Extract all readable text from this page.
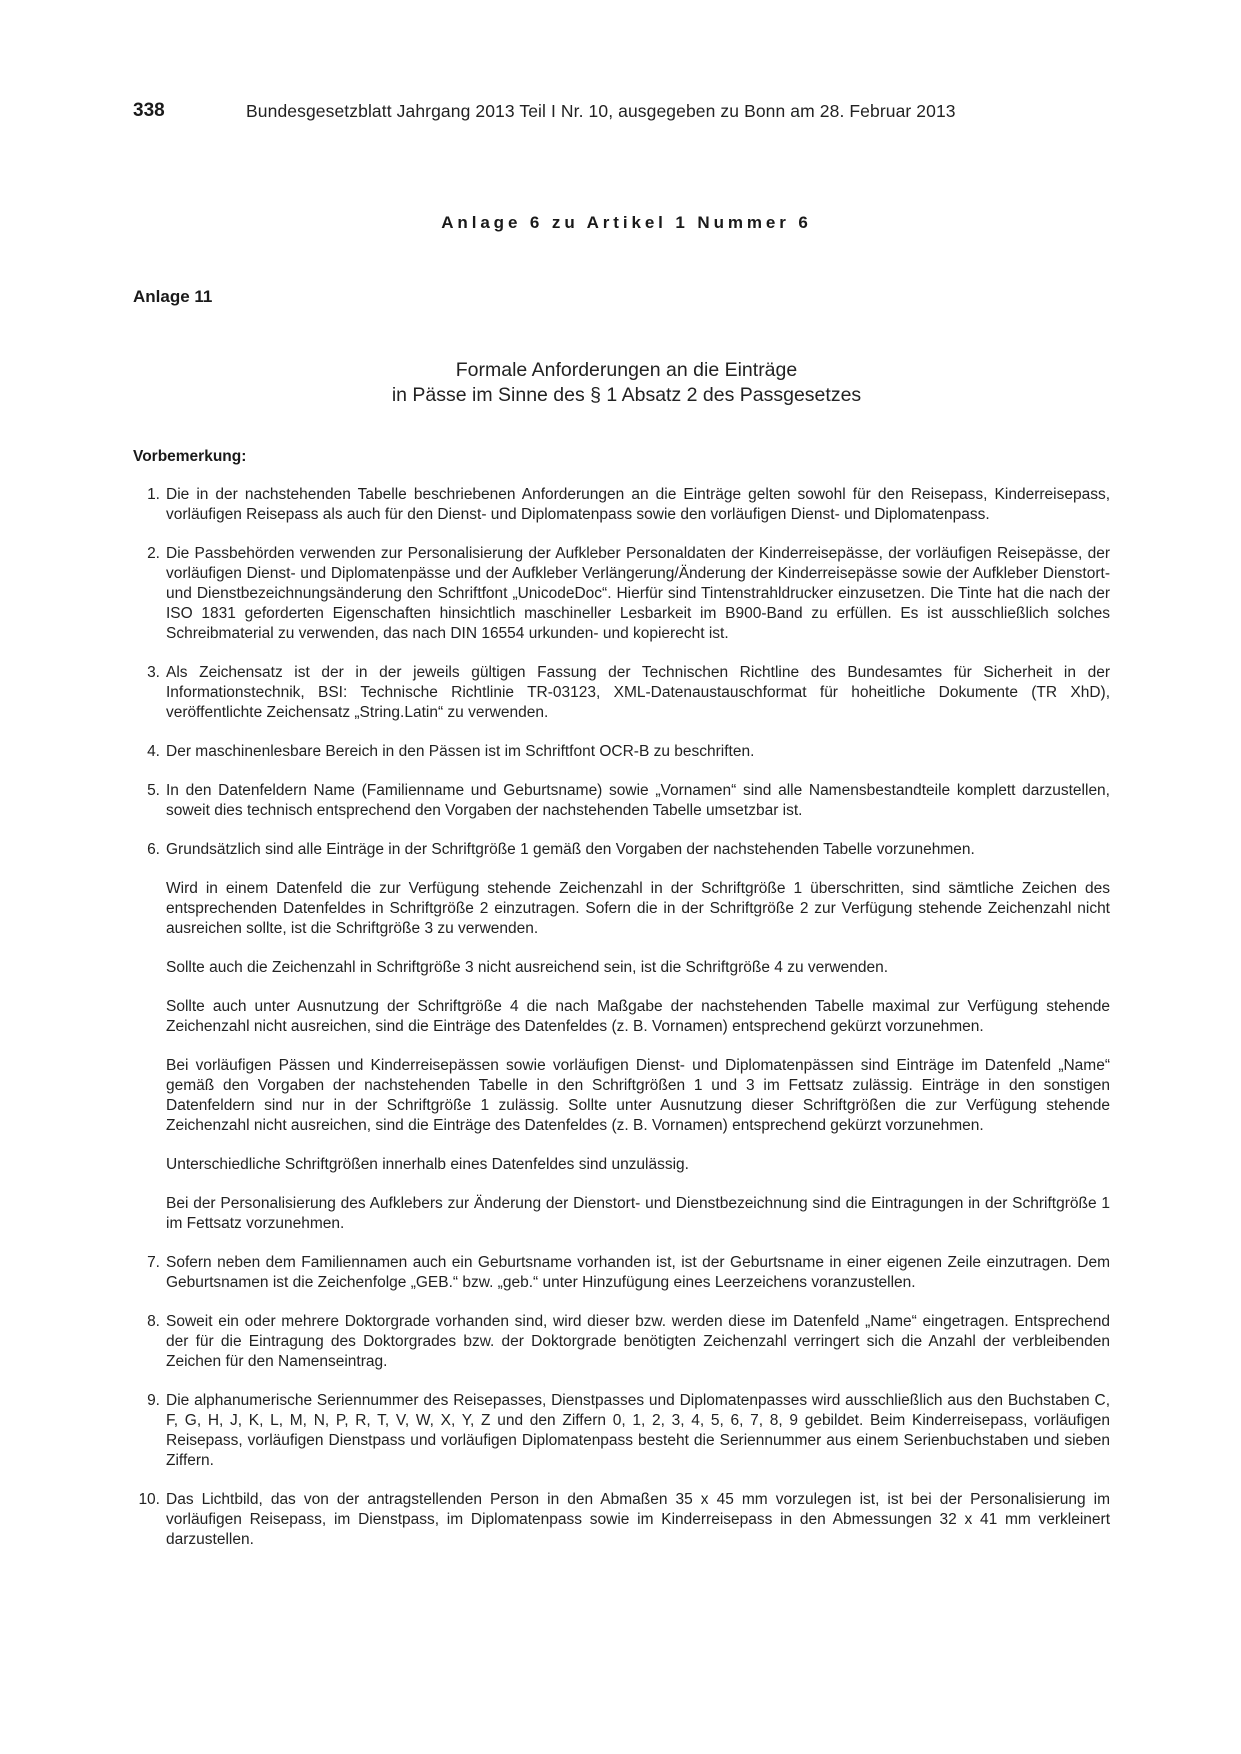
338	Bundesgesetzblatt Jahrgang 2013 Teil I Nr. 10, ausgegeben zu Bonn am 28. Februar 2013
Anlage 6 zu Artikel 1 Nummer 6
Anlage 11
Formale Anforderungen an die Einträge
in Pässe im Sinne des § 1 Absatz 2 des Passgesetzes
Vorbemerkung:
1. Die in der nachstehenden Tabelle beschriebenen Anforderungen an die Einträge gelten sowohl für den Reisepass, Kinderreisepass, vorläufigen Reisepass als auch für den Dienst- und Diplomatenpass sowie den vorläufigen Dienst- und Diplomatenpass.

2. Die Passbehörden verwenden zur Personalisierung der Aufkleber Personaldaten der Kinderreisepässe, der vorläufigen Reisepässe, der vorläufigen Dienst- und Diplomatenpässe und der Aufkleber Verlängerung/Änderung der Kinderreisepässe sowie der Aufkleber Dienstort- und Dienstbezeichnungsänderung den Schriftfont „UnicodeDoc“. Hierfür sind Tintenstrahldrucker einzusetzen. Die Tinte hat die nach der ISO 1831 geforderten Eigenschaften hinsichtlich maschineller Lesbarkeit im B900-Band zu erfüllen. Es ist ausschließlich solches Schreibmaterial zu verwenden, das nach DIN 16554 urkunden- und kopierecht ist.

3. Als Zeichensatz ist der in der jeweils gültigen Fassung der Technischen Richtline des Bundesamtes für Sicherheit in der Informationstechnik, BSI: Technische Richtlinie TR-03123, XML-Datenaustauschformat für hoheitliche Dokumente (TR XhD), veröffentlichte Zeichensatz „String.Latin“ zu verwenden.

4. Der maschinenlesbare Bereich in den Pässen ist im Schriftfont OCR-B zu beschriften.

5. In den Datenfeldern Name (Familienname und Geburtsname) sowie „Vornamen“ sind alle Namensbestandteile komplett darzustellen, soweit dies technisch entsprechend den Vorgaben der nachstehenden Tabelle umsetzbar ist.

6. Grundsätzlich sind alle Einträge in der Schriftgröße 1 gemäß den Vorgaben der nachstehenden Tabelle vorzunehmen.

Wird in einem Datenfeld die zur Verfügung stehende Zeichenzahl in der Schriftgröße 1 überschritten, sind sämtliche Zeichen des entsprechenden Datenfeldes in Schriftgröße 2 einzutragen. Sofern die in der Schriftgröße 2 zur Verfügung stehende Zeichenzahl nicht ausreichen sollte, ist die Schriftgröße 3 zu verwenden.

Sollte auch die Zeichenzahl in Schriftgröße 3 nicht ausreichend sein, ist die Schriftgröße 4 zu verwenden.

Sollte auch unter Ausnutzung der Schriftgröße 4 die nach Maßgabe der nachstehenden Tabelle maximal zur Verfügung stehende Zeichenzahl nicht ausreichen, sind die Einträge des Datenfeldes (z. B. Vornamen) entsprechend gekürzt vorzunehmen.

Bei vorläufigen Pässen und Kinderreisepässen sowie vorläufigen Dienst- und Diplomatenpässen sind Einträge im Datenfeld „Name“ gemäß den Vorgaben der nachstehenden Tabelle in den Schriftgrößen 1 und 3 im Fettsatz zulässig. Einträge in den sonstigen Datenfeldern sind nur in der Schriftgröße 1 zulässig. Sollte unter Ausnutzung dieser Schriftgrößen die zur Verfügung stehende Zeichenzahl nicht ausreichen, sind die Einträge des Datenfeldes (z. B. Vornamen) entsprechend gekürzt vorzunehmen.

Unterschiedliche Schriftgrößen innerhalb eines Datenfeldes sind unzulässig.

Bei der Personalisierung des Aufklebers zur Änderung der Dienstort- und Dienstbezeichnung sind die Eintragungen in der Schriftgröße 1 im Fettsatz vorzunehmen.

7. Sofern neben dem Familiennamen auch ein Geburtsname vorhanden ist, ist der Geburtsname in einer eigenen Zeile einzutragen. Dem Geburtsnamen ist die Zeichenfolge „GEB.“ bzw. „geb.“ unter Hinzufügung eines Leerzeichens voranzustellen.

8. Soweit ein oder mehrere Doktorgrade vorhanden sind, wird dieser bzw. werden diese im Datenfeld „Name“ eingetragen. Entsprechend der für die Eintragung des Doktorgrades bzw. der Doktorgrade benötigten Zeichenzahl verringert sich die Anzahl der verbleibenden Zeichen für den Namenseintrag.

9. Die alphanumerische Seriennummer des Reisepasses, Dienstpasses und Diplomatenpasses wird ausschließlich aus den Buchstaben C, F, G, H, J, K, L, M, N, P, R, T, V, W, X, Y, Z und den Ziffern 0, 1, 2, 3, 4, 5, 6, 7, 8, 9 gebildet. Beim Kinderreisepass, vorläufigen Reisepass, vorläufigen Dienstpass und vorläufigen Diplomatenpass besteht die Seriennummer aus einem Serienbuchstaben und sieben Ziffern.

10. Das Lichtbild, das von der antragstellenden Person in den Abmaßen 35 x 45 mm vorzulegen ist, ist bei der Personalisierung im vorläufigen Reisepass, im Dienstpass, im Diplomatenpass sowie im Kinderreisepass in den Abmessungen 32 x 41 mm verkleinert darzustellen.
